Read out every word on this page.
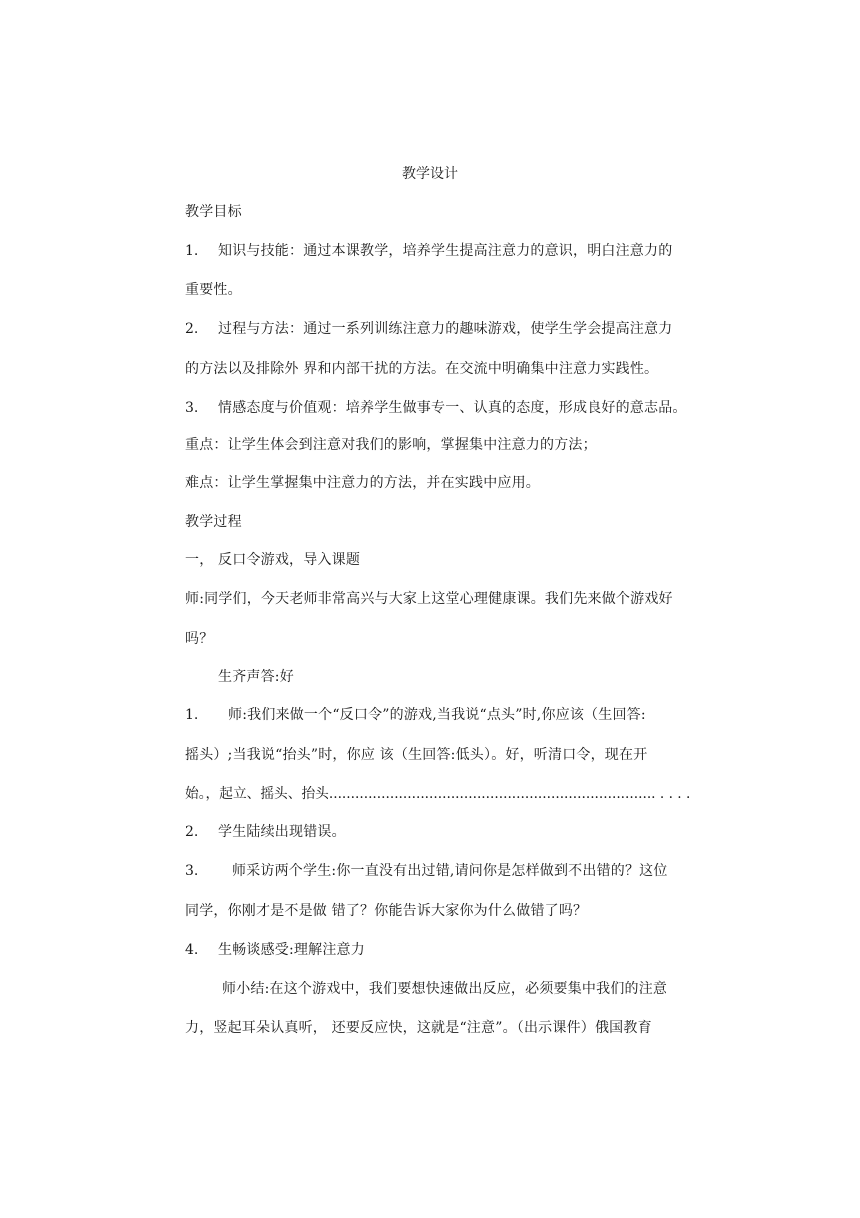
教学设计
教学目标
1. 知识与技能：通过本课教学，培养学生提高注意力的意识，明白注意力的
重要性。
2. 过程与方法：通过一系列训练注意力的趣味游戏，使学生学会提高注意力
的方法以及排除外 界和内部干扰的方法。在交流中明确集中注意力实践性。
3. 情感态度与价值观：培养学生做事专一、认真的态度，形成良好的意志品。
重点：让学生体会到注意对我们的影响，掌握集中注意力的方法；
难点：让学生掌握集中注意力的方法，并在实践中应用。
教学过程
一， 反口令游戏，导入课题
师:同学们，今天老师非常高兴与大家上这堂心理健康课。我们先来做个游戏好
吗？
生齐声答:好
1. 师:我们来做一个“反口令”的游戏,当我说“点头”时,你应该（生回答:
摇头）;当我说“抬头”时，你应 该（生回答:低头）。好，听清口令，现在开
始。，起立、摇头、抬头........................................................................... . . . .
2. 学生陆续出现错误。
3. 师采访两个学生:你一直没有出过错,请问你是怎样做到不出错的？这位
同学，你刚才是不是做 错了？你能告诉大家你为什么做错了吗？
4. 生畅谈感受:理解注意力
师小结:在这个游戏中，我们要想快速做出反应，必须要集中我们的注意
力，竖起耳朵认真听， 还要反应快，这就是“注意”。（出示课件）俄国教育
